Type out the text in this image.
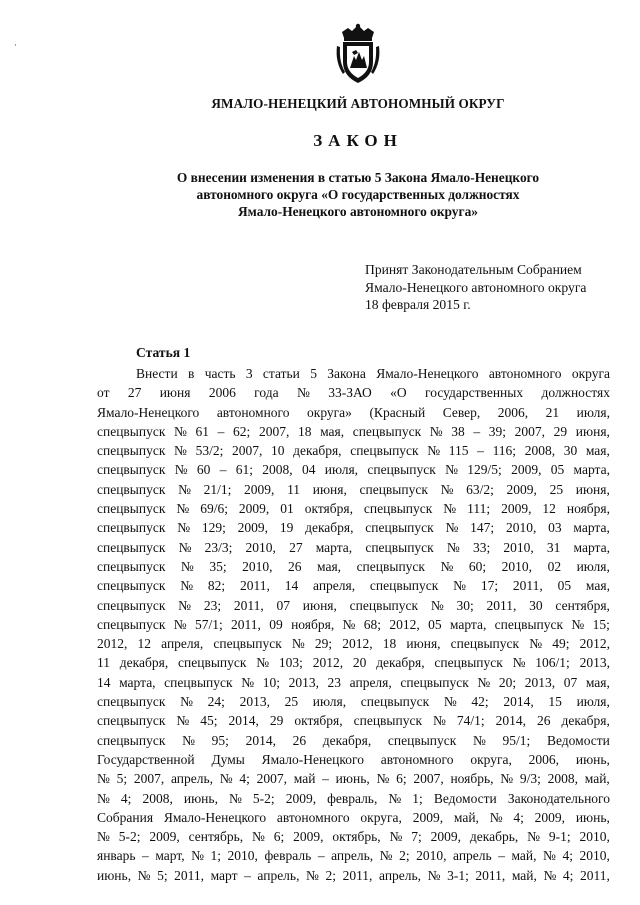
·
ЯМАЛО-НЕНЕЦКИЙ АВТОНОМНЫЙ ОКРУГ
ЗАКОН
О внесении изменения в статью 5 Закона Ямало-Ненецкого
автономного округа «О государственных должностях
Ямало-Ненецкого автономного округа»
Принят Законодательным Собранием
Ямало-Ненецкого автономного округа
18 февраля 2015 г.
Статья 1
Внести в часть 3 статьи 5 Закона Ямало-Ненецкого автономного округа
от 27 июня 2006 года № 33-ЗАО «О государственных должностях
Ямало-Ненецкого автономного округа» (Красный Север, 2006, 21 июля,
спецвыпуск № 61 – 62; 2007, 18 мая, спецвыпуск № 38 – 39; 2007, 29 июня,
спецвыпуск № 53/2; 2007, 10 декабря, спецвыпуск № 115 – 116; 2008, 30 мая,
спецвыпуск № 60 – 61; 2008, 04 июля, спецвыпуск № 129/5; 2009, 05 марта,
спецвыпуск № 21/1; 2009, 11 июня, спецвыпуск № 63/2; 2009, 25 июня,
спецвыпуск № 69/6; 2009, 01 октября, спецвыпуск № 111; 2009, 12 ноября,
спецвыпуск № 129; 2009, 19 декабря, спецвыпуск № 147; 2010, 03 марта,
спецвыпуск № 23/3; 2010, 27 марта, спецвыпуск № 33; 2010, 31 марта,
спецвыпуск № 35; 2010, 26 мая, спецвыпуск № 60; 2010, 02 июля,
спецвыпуск № 82; 2011, 14 апреля, спецвыпуск № 17; 2011, 05 мая,
спецвыпуск № 23; 2011, 07 июня, спецвыпуск № 30; 2011, 30 сентября,
спецвыпуск № 57/1; 2011, 09 ноября, № 68; 2012, 05 марта, спецвыпуск № 15;
2012, 12 апреля, спецвыпуск № 29; 2012, 18 июня, спецвыпуск № 49; 2012,
11 декабря, спецвыпуск № 103; 2012, 20 декабря, спецвыпуск № 106/1; 2013,
14 марта, спецвыпуск № 10; 2013, 23 апреля, спецвыпуск № 20; 2013, 07 мая,
спецвыпуск № 24; 2013, 25 июля, спецвыпуск № 42; 2014, 15 июля,
спецвыпуск № 45; 2014, 29 октября, спецвыпуск № 74/1; 2014, 26 декабря,
спецвыпуск № 95; 2014, 26 декабря, спецвыпуск № 95/1; Ведомости
Государственной Думы Ямало-Ненецкого автономного округа, 2006, июнь,
№ 5; 2007, апрель, № 4; 2007, май – июнь, № 6; 2007, ноябрь, № 9/3; 2008, май,
№ 4; 2008, июнь, № 5-2; 2009, февраль, № 1; Ведомости Законодательного
Собрания Ямало-Ненецкого автономного округа, 2009, май, № 4; 2009, июнь,
№ 5-2; 2009, сентябрь, № 6; 2009, октябрь, № 7; 2009, декабрь, № 9-1; 2010,
январь – март, № 1; 2010, февраль – апрель, № 2; 2010, апрель – май, № 4; 2010,
июнь, № 5; 2011, март – апрель, № 2; 2011, апрель, № 3-1; 2011, май, № 4; 2011,
